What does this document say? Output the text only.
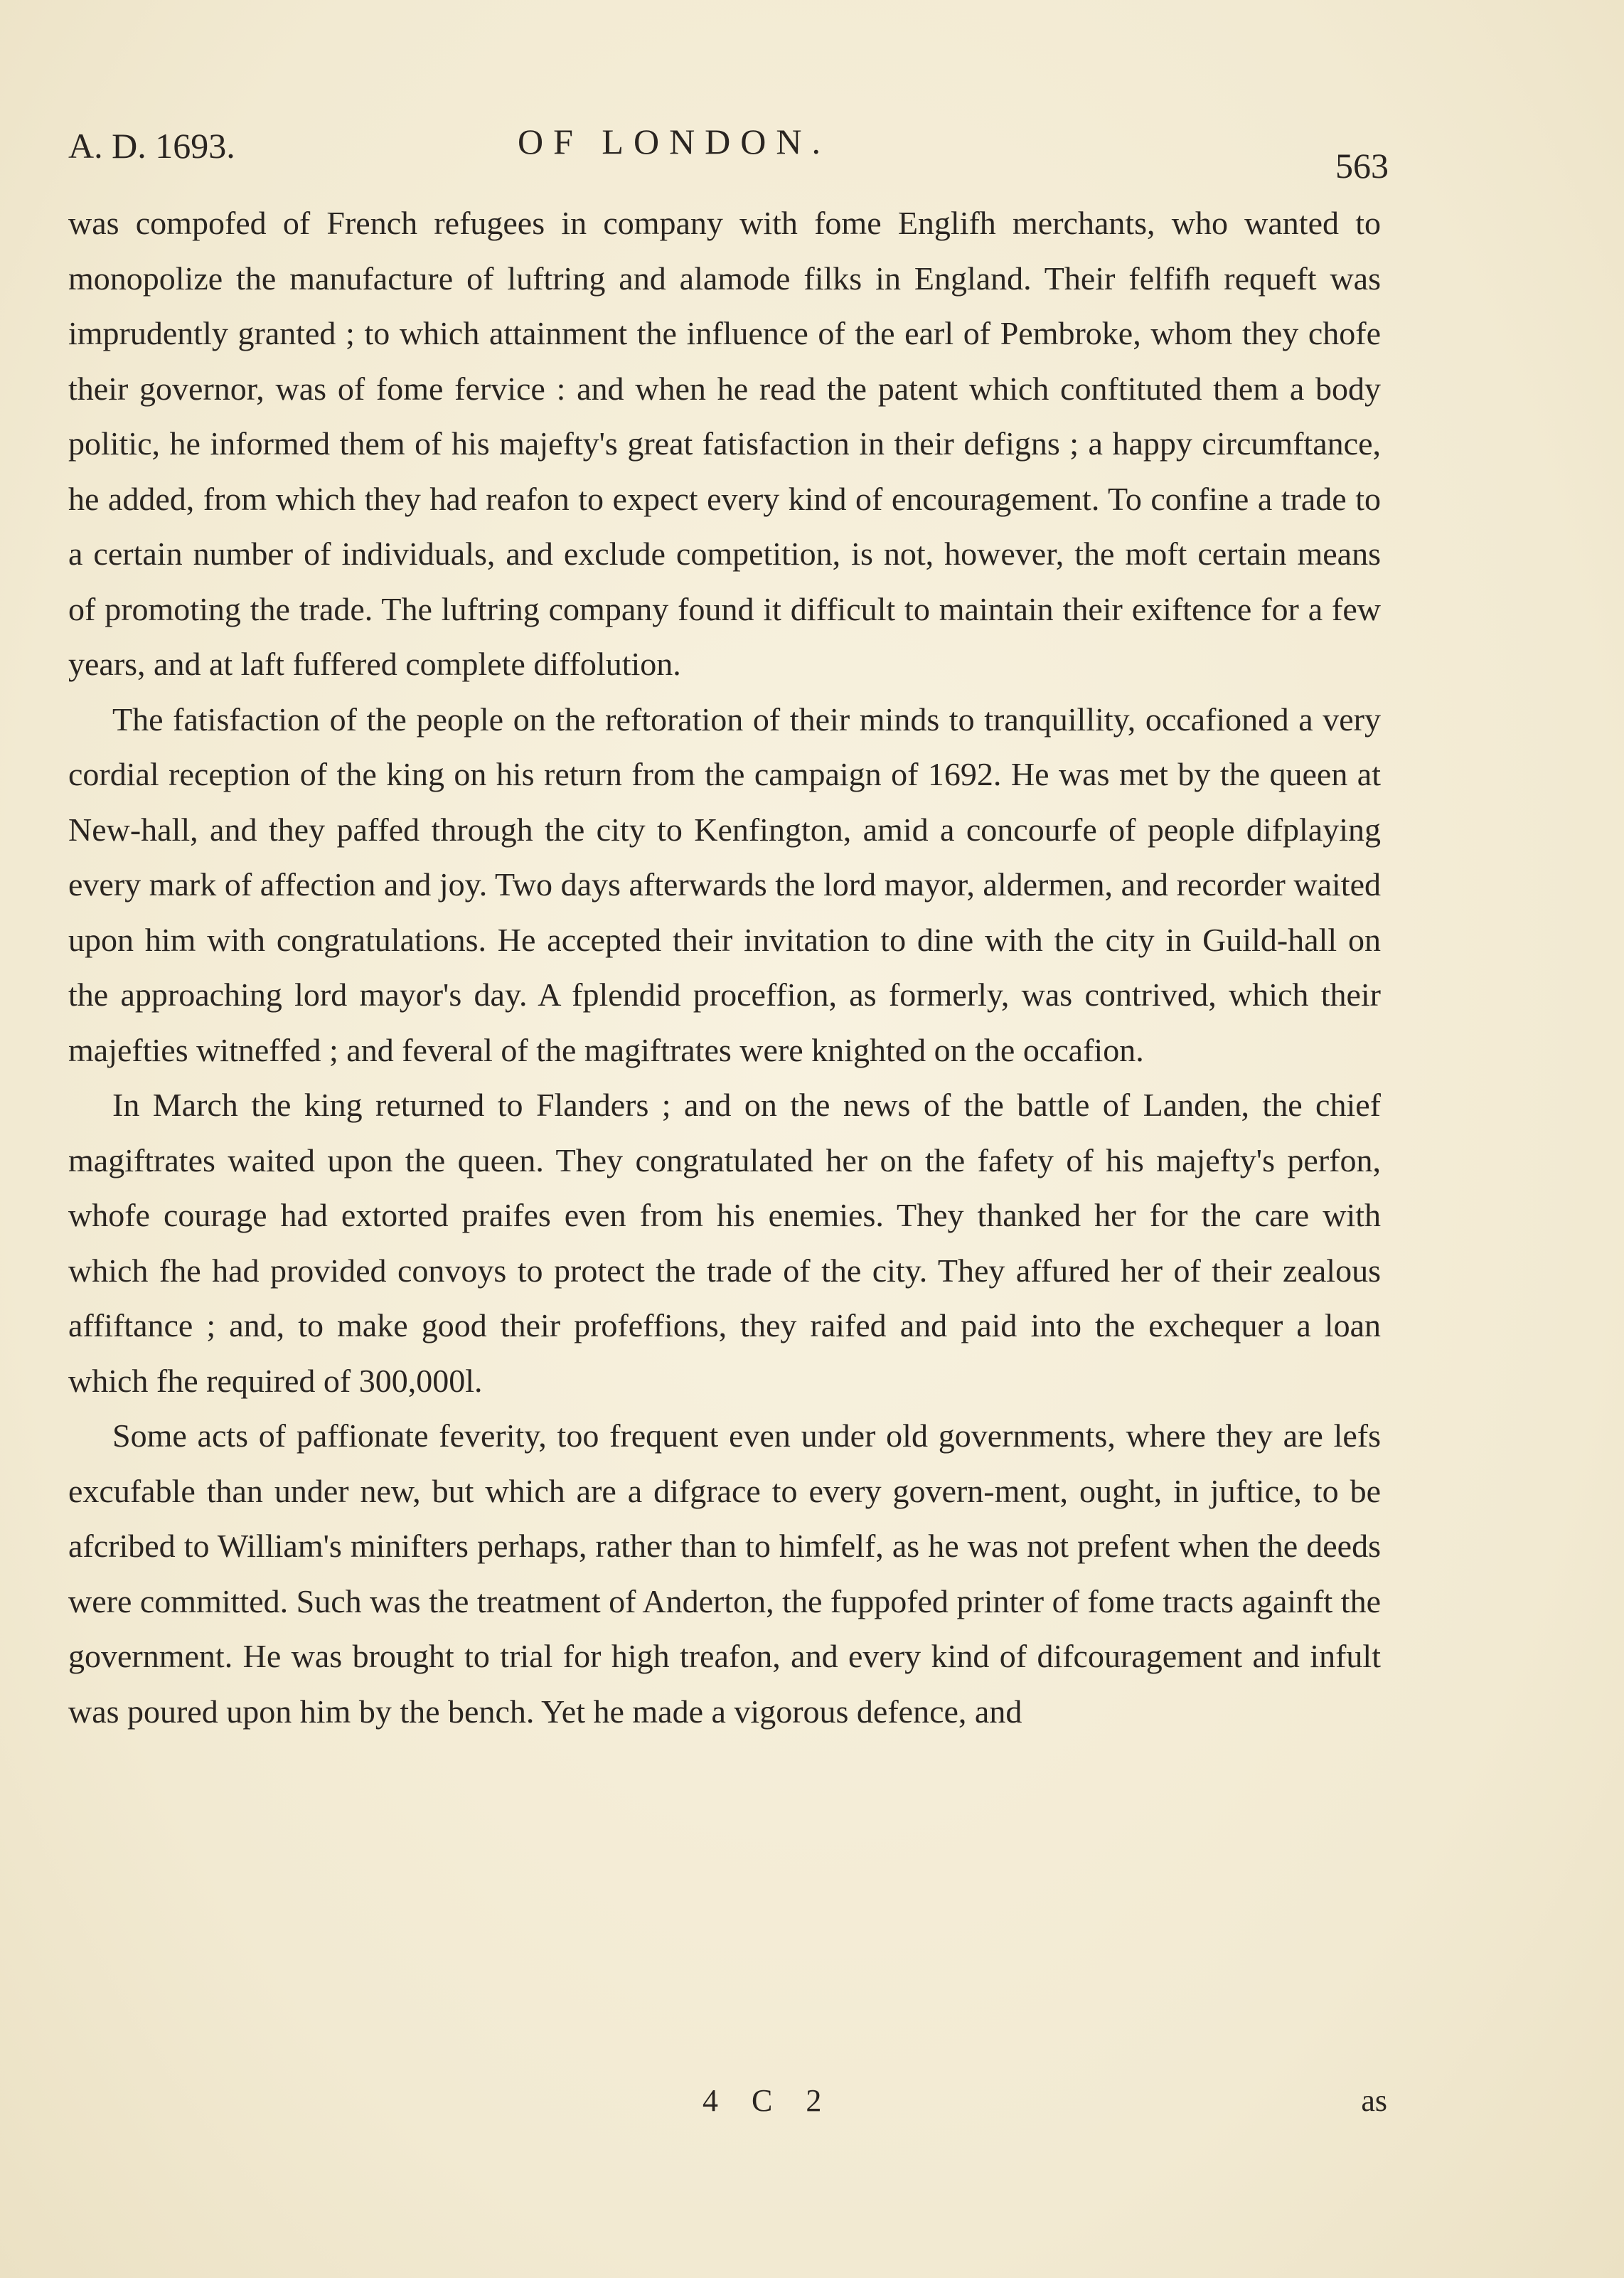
A. D. 1693.	OF LONDON.
563

was compofed of French refugees in company with fome Englifh merchants, who wanted to monopolize the manufacture of luftring and alamode filks in England. Their felfifh requeft was imprudently granted ; to which attainment the influence of the earl of Pembroke, whom they chofe their governor, was of fome fervice : and when he read the patent which conftituted them a body politic, he informed them of his majefty's great fatisfaction in their defigns ; a happy circumftance, he added, from which they had reafon to expect every kind of encouragement. To confine a trade to a certain number of individuals, and exclude competition, is not, however, the moft certain means of promoting the trade. The luftring company found it difficult to maintain their exiftence for a few years, and at laft fuffered complete diffolution.

The fatisfaction of the people on the reftoration of their minds to tranquillity, occafioned a very cordial reception of the king on his return from the campaign of 1692. He was met by the queen at New-hall, and they paffed through the city to Kenfington, amid a concourfe of people difplaying every mark of affection and joy. Two days afterwards the lord mayor, aldermen, and recorder waited upon him with congratulations. He accepted their invitation to dine with the city in Guild-hall on the approaching lord mayor's day. A fplendid proceffion, as formerly, was contrived, which their majefties witneffed ; and feveral of the magiftrates were knighted on the occafion.

In March the king returned to Flanders ; and on the news of the battle of Landen, the chief magiftrates waited upon the queen. They congratulated her on the fafety of his majefty's perfon, whofe courage had extorted praifes even from his enemies. They thanked her for the care with which fhe had provided convoys to protect the trade of the city. They affured her of their zealous affiftance ; and, to make good their profeffions, they raifed and paid into the exchequer a loan which fhe required of 300,000l.

Some acts of paffionate feverity, too frequent even under old governments, where they are lefs excufable than under new, but which are a difgrace to every govern-ment, ought, in juftice, to be afcribed to William's minifters perhaps, rather than to himfelf, as he was not prefent when the deeds were committed. Such was the treatment of Anderton, the fuppofed printer of fome tracts againft the government. He was brought to trial for high treafon, and every kind of difcouragement and infult was poured upon him by the bench. Yet he made a vigorous defence, and

4 C 2	as
